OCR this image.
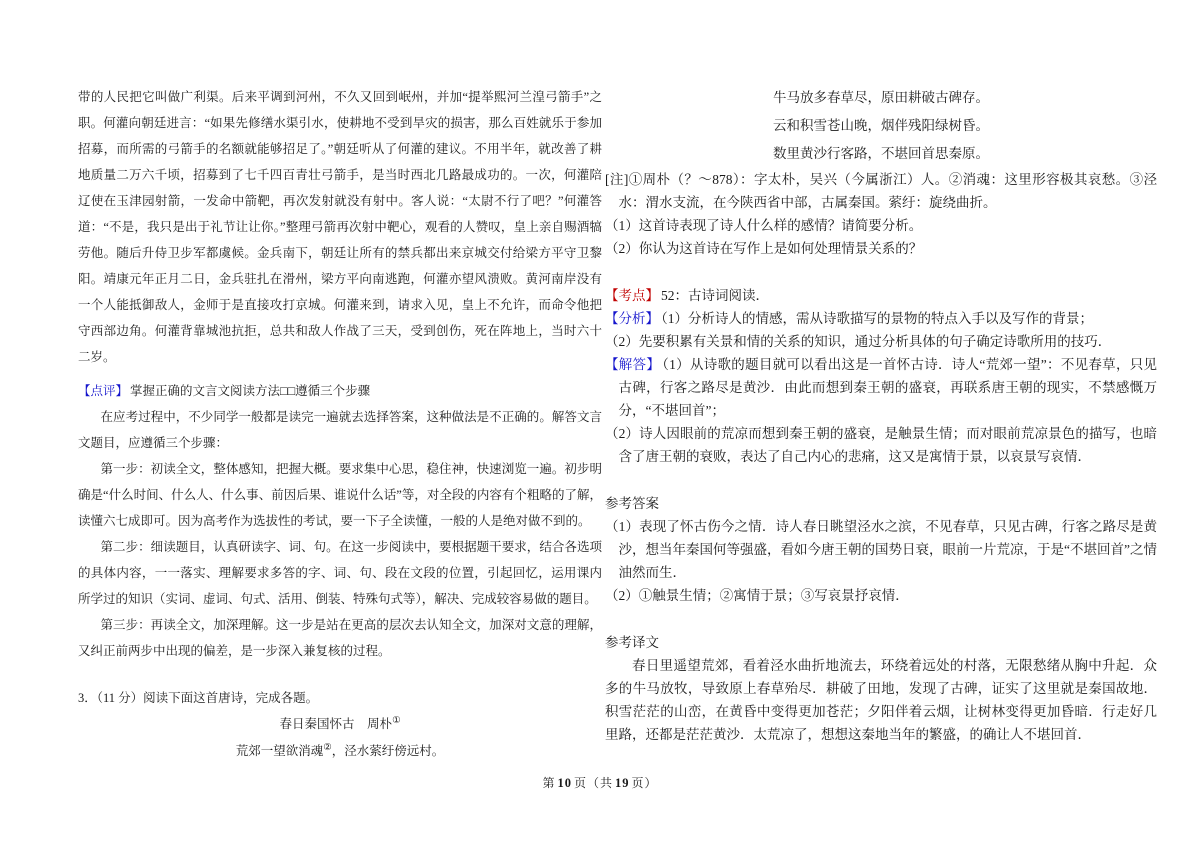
带的人民把它叫做广利渠。后来平调到河州，不久又回到岷州，并加“提举熙河兰湟弓箭手”之职。何灌向朝廷进言：“如果先修缮水渠引水，使耕地不受到旱灾的损害，那么百姓就乐于参加招募，而所需的弓箭手的名额就能够招足了。”朝廷听从了何灌的建议。不用半年，就改善了耕地质量二万六千顷，招募到了七千四百青壮弓箭手，是当时西北几路最成功的。一次，何灌陪辽使在玉津园射箭，一发命中箭靶，再次发射就没有射中。客人说：“太尉不行了吧？”何灌答道：“不是，我只是出于礼节让让你。”整理弓箭再次射中靶心，观看的人赞叹，皇上亲自赐酒犒劳他。随后升侍卫步军都虞候。金兵南下，朝廷让所有的禁兵都出来京城交付给梁方平守卫黎阳。靖康元年正月二日，金兵驻扎在滑州，梁方平向南逃跑，何灌亦望风溃败。黄河南岸没有一个人能抵御敌人，金师于是直接攻打京城。何灌来到，请求入见，皇上不允许，而命令他把守西部边角。何灌背靠城池抗拒，总共和敌人作战了三天，受到创伤，死在阵地上，当时六十二岁。

【点评】 掌握正确的文言文阅读方法□□遵循三个步骤

在应考过程中，不少同学一般都是读完一遍就去选择答案，这种做法是不正确的。解答文言文题目，应遵循三个步骤：

第一步：初读全文，整体感知，把握大概。要求集中心思，稳住神，快速浏览一遍。初步明确是“什么时间、什么人、什么事、前因后果、谁说什么话”等，对全段的内容有个粗略的了解，读懂六七成即可。因为高考作为选拔性的考试，要一下子全读懂，一般的人是绝对做不到的。

第二步：细读题目，认真研读字、词、句。在这一步阅读中，要根据题干要求，结合各选项的具体内容，一一落实、理解要求多答的字、词、句、段在文段的位置，引起回忆，运用课内所学过的知识（实词、虚词、句式、活用、倒装、特殊句式等），解决、完成较容易做的题目。

第三步：再读全文，加深理解。这一步是站在更高的层次去认知全文，加深对文意的理解，又纠正前两步中出现的偏差，是一步深入兼复核的过程。

3．（11 分）阅读下面这首唐诗，完成各题。

春日秦国怀古　周朴①

荒郊一望欲消魂②，泾水萦纡傍远村。

牛马放多春草尽，原田耕破古碑存。

云和积雪苍山晚，烟伴残阳绿树昏。

数里黄沙行客路，不堪回首思秦原。

[注]①周朴（？～878）：字太朴，吴兴（今属浙江）人。②消魂：这里形容极其哀愁。③泾水：渭水支流，在今陕西省中部，古属秦国。萦纡：旋绕曲折。

（1）这首诗表现了诗人什么样的感情？请简要分析。

（2）你认为这首诗在写作上是如何处理情景关系的？

【考点】 52：古诗词阅读．

【分析】 （1）分析诗人的情感，需从诗歌描写的景物的特点入手以及写作的背景；

（2）先要积累有关景和情的关系的知识，通过分析具体的句子确定诗歌所用的技巧．

【解答】 （1）从诗歌的题目就可以看出这是一首怀古诗．诗人“荒郊一望”：不见春草，只见古碑，行客之路尽是黄沙．由此而想到秦王朝的盛衰，再联系唐王朝的现实，不禁感慨万分，“不堪回首”；

（2）诗人因眼前的荒凉而想到秦王朝的盛衰，是触景生情；而对眼前荒凉景色的描写，也暗含了唐王朝的衰败，表达了自己内心的悲痛，这又是寓情于景，以哀景写哀情．

参考答案

（1）表现了怀古伤今之情．诗人春日眺望泾水之滨，不见春草，只见古碑，行客之路尽是黄沙，想当年秦国何等强盛，看如今唐王朝的国势日衰，眼前一片荒凉，于是“不堪回首”之情油然而生．

（2）①触景生情；②寓情于景；③写哀景抒哀情．

参考译文

春日里遥望荒郊，看着泾水曲折地流去，环绕着远处的村落，无限愁绪从胸中升起．众多的牛马放牧，导致原上春草殆尽．耕破了田地，发现了古碑，证实了这里就是秦国故地．积雪茫茫的山峦，在黄昏中变得更加苍茫；夕阳伴着云烟，让树林变得更加昏暗．行走好几里路，还都是茫茫黄沙．太荒凉了，想想这秦地当年的繁盛，的确让人不堪回首．

第 10 页（共 19 页）
